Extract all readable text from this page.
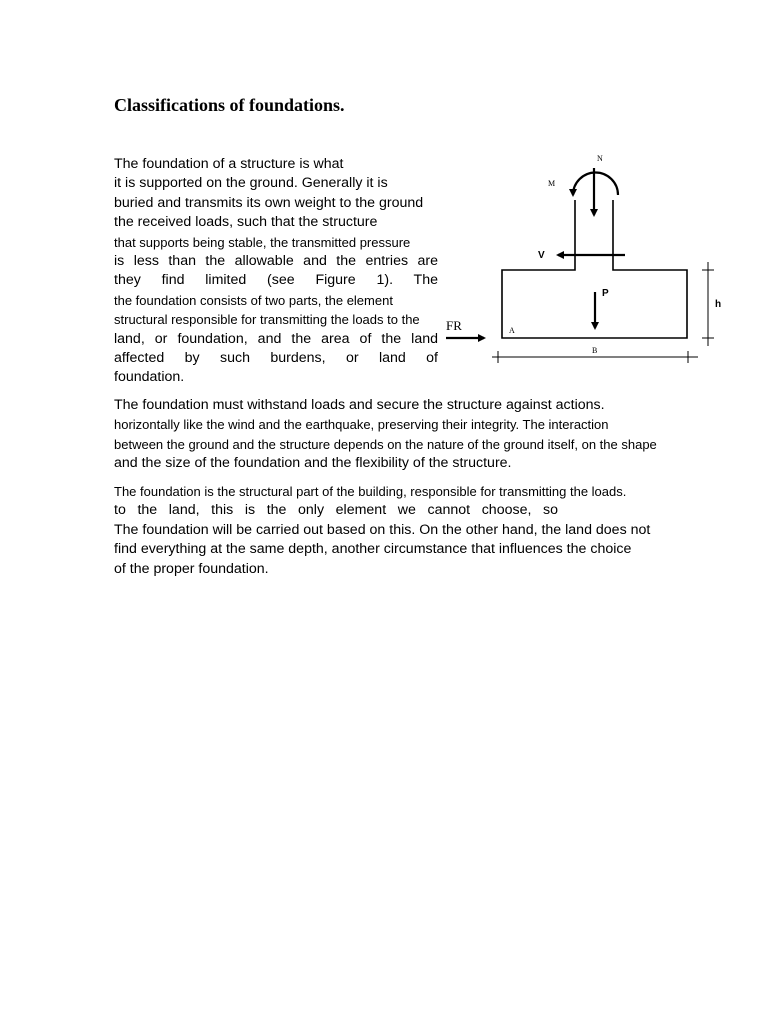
Classifications of foundations.
The foundation of a structure is what
it is supported on the ground. Generally it is
buried and transmits its own weight to the ground
the received loads, such that the structure
that supports being stable, the transmitted pressure
is less than the allowable and the entries are
they find limited (see Figure 1). The
the foundation consists of two parts, the element
structural responsible for transmitting the loads to the
land, or foundation, and the area of the land
affected by such burdens, or land of
foundation.
N
M
V
P
h
FR	A
B
The foundation must withstand loads and secure the structure against actions.
horizontally like the wind and the earthquake, preserving their integrity. The interaction
between the ground and the structure depends on the nature of the ground itself, on the shape
and the size of the foundation and the flexibility of the structure.
The foundation is the structural part of the building, responsible for transmitting the loads.
to the land, this is the only element we cannot choose, so
The foundation will be carried out based on this. On the other hand, the land does not
find everything at the same depth, another circumstance that influences the choice
of the proper foundation.
